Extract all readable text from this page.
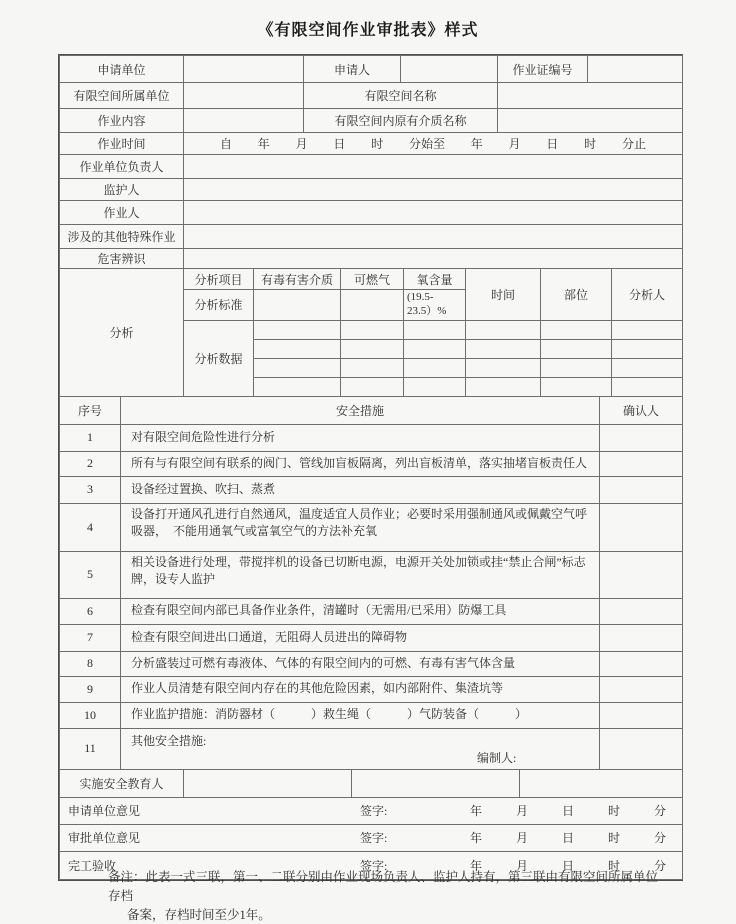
《有限空间作业审批表》样式
申请单位		申请人		作业证编号	
有限空间所属单位		有限空间名称			
作业内容		有限空间内原有介质名称			
作业时间	自 年 月 日 时 分始至 年 月 日 时 分止

作业单位负责人					
监护人					
作业人					
涉及的其他特殊作业					
危害辨识					
分析	分析项目	有毒有害介质	可燃气	氧含量	时间	部位	分析人
	分析标准			(19.5-23.5）%			
	分析数据						

序号	安全措施	确认人
1	对有限空间危险性进行分析	
2	所有与有限空间有联系的阀门、管线加盲板隔离，列出盲板清单，落实抽堵盲板责任人	
3	设备经过置换、吹扫、蒸煮	
4	设备打开通风孔进行自然通风，温度适宜人员作业；必要时采用强制通风或佩戴空气呼吸器，　不能用通氧气或富氧空气的方法补充氧	
5	相关设备进行处理，带搅拌机的设备已切断电源，电源开关处加锁或挂“禁止合闸”标志牌，设专人监护	
6	检查有限空间内部已具备作业条件，清罐时（无需用/已采用）防爆工具	
7	检查有限空间进出口通道，无阻碍人员进出的障碍物	
8	分析盛装过可燃有毒液体、气体的有限空间内的可燃、有毒有害气体含量	
9	作业人员清楚有限空间内存在的其他危险因素，如内部附件、集渣坑等	
10	作业监护措施：消防器材（　　　）救生绳（　　　）气防装备（　　　）	
11	其他安全措施:
编制人:	

实施安全教育人			
申请单位意见	签字:	年	月	日	时	分

审批单位意见	签字:	年	月	日	时	分

完工验收	签字:	年	月	日	时	分
备注：此表一式三联，第一、二联分别由作业现场负责人、监护人持有，第三联由有限空间所属单位存档
备案，存档时间至少1年。
